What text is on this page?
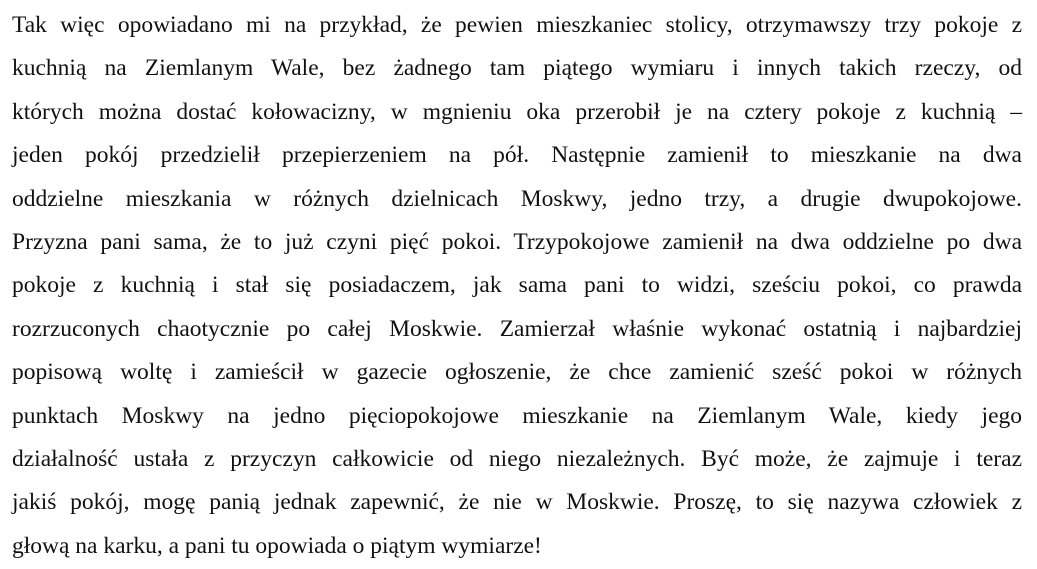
Tak więc opowiadano mi na przykład, że pewien mieszkaniec stolicy, otrzymawszy trzy pokoje z
kuchnią na Ziemlanym Wale, bez żadnego tam piątego wymiaru i innych takich rzeczy, od
których można dostać kołowacizny, w mgnieniu oka przerobił je na cztery pokoje z kuchnią –
jeden pokój przedzielił przepierzeniem na pół. Następnie zamienił to mieszkanie na dwa
oddzielne mieszkania w różnych dzielnicach Moskwy, jedno trzy, a drugie dwupokojowe.
Przyzna pani sama, że to już czyni pięć pokoi. Trzypokojowe zamienił na dwa oddzielne po dwa
pokoje z kuchnią i stał się posiadaczem, jak sama pani to widzi, sześciu pokoi, co prawda
rozrzuconych chaotycznie po całej Moskwie. Zamierzał właśnie wykonać ostatnią i najbardziej
popisową woltę i zamieścił w gazecie ogłoszenie, że chce zamienić sześć pokoi w różnych
punktach Moskwy na jedno pięciopokojowe mieszkanie na Ziemlanym Wale, kiedy jego
działalność ustała z przyczyn całkowicie od niego niezależnych. Być może, że zajmuje i teraz
jakiś pokój, mogę panią jednak zapewnić, że nie w Moskwie. Proszę, to się nazywa człowiek z
głową na karku, a pani tu opowiada o piątym wymiarze!
